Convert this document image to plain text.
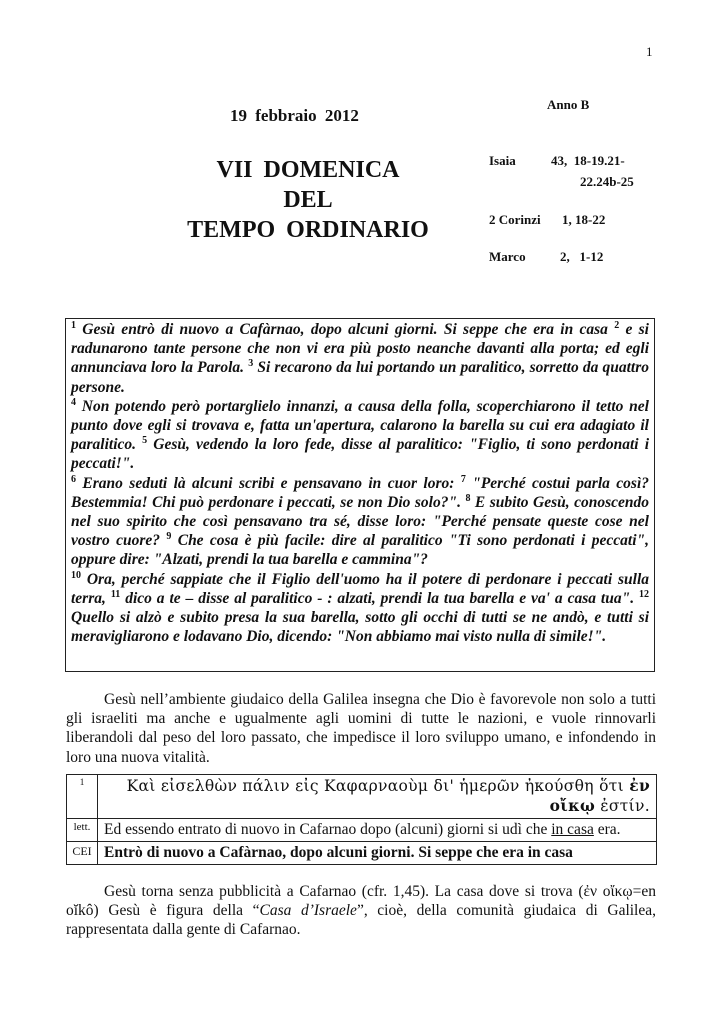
1
Anno B
19 febbraio 2012
VII DOMENICA
DEL
TEMPO ORDINARIO
Isaia	43,  18-19.21-
22.24b-25
2 Corinzi 1, 18-22
Marco	2,   1-12
$^1$ Gesù entrò di nuovo a Cafàrnao, dopo alcuni giorni. Si seppe che era in casa $^2$ e si radunarono tante persone che non vi era più posto neanche davanti alla porta; ed egli annunciava loro la Parola. $^3$ Si recarono da lui portando un paralitico, sorretto da quattro persone.
$^4$ Non potendo però portarglielo innanzi, a causa della folla, scoperchiarono il tetto nel punto dove egli si trovava e, fatta un'apertura, calarono la barella su cui era adagiato il paralitico. $^5$ Gesù, vedendo la loro fede, disse al paralitico: "Figlio, ti sono perdonati i peccati!".
$^6$ Erano seduti là alcuni scribi e pensavano in cuor loro: $^7$ "Perché costui parla così? Bestemmia! Chi può perdonare i peccati, se non Dio solo?". $^8$ E subito Gesù, conoscendo nel suo spirito che così pensavano tra sé, disse loro: "Perché pensate queste cose nel vostro cuore? $^9$ Che cosa è più facile: dire al paralitico "Ti sono perdonati i peccati", oppure dire: "Alzati, prendi la tua barella e cammina"?
$^{10}$ Ora, perché sappiate che il Figlio dell'uomo ha il potere di perdonare i peccati sulla terra, $^{11}$ dico a te – disse al paralitico - : alzati, prendi la tua barella e va' a casa tua". $^{12}$ Quello si alzò e subito presa la sua barella, sotto gli occhi di tutti se ne andò, e tutti si meravigliarono e lodavano Dio, dicendo: "Non abbiamo mai visto nulla di simile!".
Gesù nell’ambiente giudaico della Galilea insegna che Dio è favorevole non solo a tutti gli israeliti ma anche e ugualmente agli uomini di tutte le nazioni, e vuole rinnovarli liberandoli dal peso del loro passato, che impedisce il loro sviluppo umano, e infondendo in loro una nuova vitalità.
$^1$	Καὶ εἰσελθὼν πάλιν εἰς Καφαρναοὺμ δι' ἡμερῶν ἠκούσθη ὅτι ἐν οἴκῳ ἐστίν.
lett.	Ed essendo entrato di nuovo in Cafarnao dopo (alcuni) giorni si udì che in casa era.
CEI	Entrò di nuovo a Cafàrnao, dopo alcuni giorni. Si seppe che era in casa
Gesù torna senza pubblicità a Cafarnao (cfr. 1,45). La casa dove si trova (ἐν οἴκῳ=en oĭkô) Gesù è figura della “Casa d’Israele”, cioè, della comunità giudaica di Galilea, rappresentata dalla gente di Cafarnao.
